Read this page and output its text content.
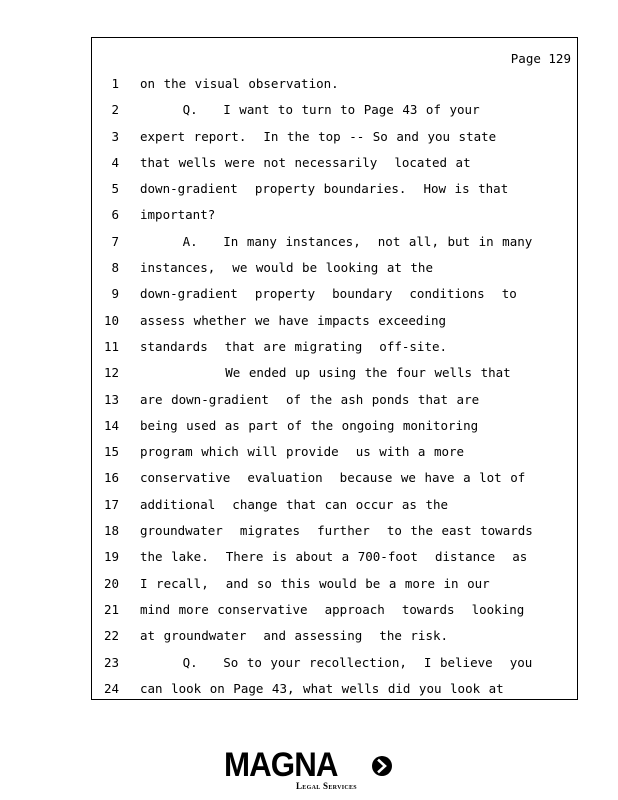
Page 129
1 on the visual observation.
2 Q.   I want to turn to Page 43 of your
3 expert report.  In the top -- So and you state
4 that wells were not necessarily  located at
5 down-gradient  property boundaries.  How is that
6 important?
7 A.   In many instances,  not all, but in many
8 instances,  we would be looking at the
9 down-gradient  property  boundary  conditions  to
10 assess whether we have impacts exceeding
11 standards  that are migrating  off-site.
12 We ended up using the four wells that
13 are down-gradient  of the ash ponds that are
14 being used as part of the ongoing monitoring
15 program which will provide  us with a more
16 conservative  evaluation  because we have a lot of
17 additional  change that can occur as the
18 groundwater  migrates  further  to the east towards
19 the lake.  There is about a 700-foot  distance  as
20 I recall,  and so this would be a more in our
21 mind more conservative  approach  towards  looking
22 at groundwater  and assessing  the risk.
23 Q.   So to your recollection,  I believe  you
24 can look on Page 43, what wells did you look at
MAGNA
Legal Services
